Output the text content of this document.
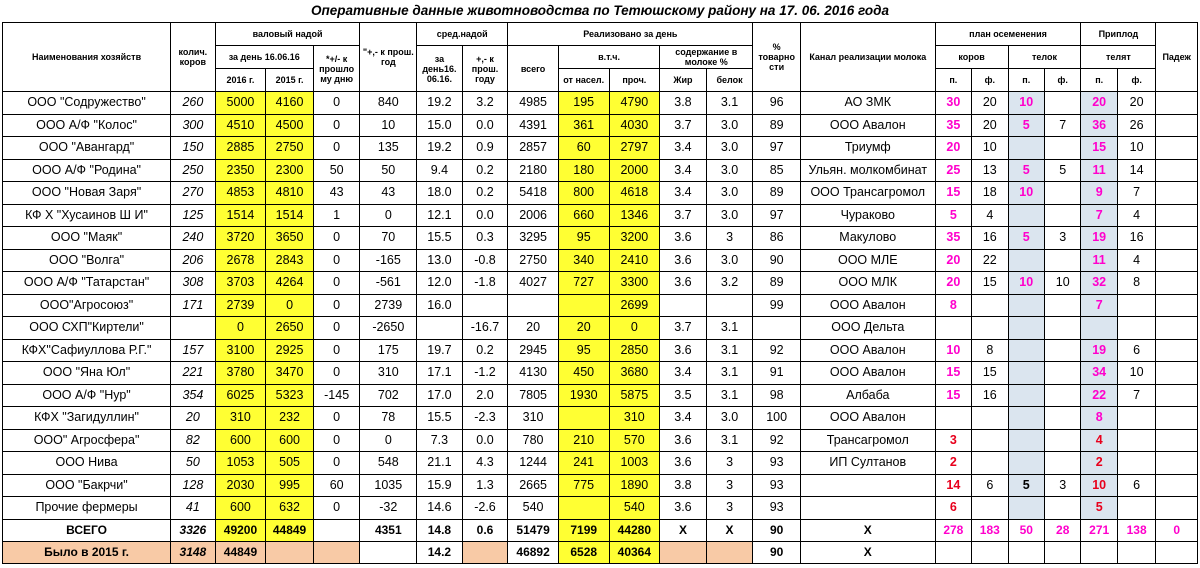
Оперативные данные животноводства по Тетюшскому району на 17. 06. 2016 года
Наименования хозяйств	колич. коров	валовый надой			"+,- к прош. год	сред.надой		Реализовано за день					% товарно сти	Канал реализации молока	план осеменения				Приплод		Падеж
		за день 16.06.16		*+/- к прошло му дню		за день16. 06.16.	+,- к прош. году	всего	в.т.ч.		содержание в молоке %				коров		телок		телят		
		2016 г.	2015 г.						от насел.	проч.	Жир	белок			п.	ф.	п.	ф.	п.	ф.	
ООО "Содружество"	260	5000	4160	0	840	19.2	3.2	4985	195	4790	3.8	3.1	96	АО ЗМК	30	20	10		20	20	
ООО А/Ф "Колос"	300	4510	4500	0	10	15.0	0.0	4391	361	4030	3.7	3.0	89	ООО Авалон	35	20	5	7	36	26	
ООО "Авангард"	150	2885	2750	0	135	19.2	0.9	2857	60	2797	3.4	3.0	97	Триумф	20	10			15	10	
ООО А/Ф "Родина"	250	2350	2300	50	50	9.4	0.2	2180	180	2000	3.4	3.0	85	Ульян. молкомбинат	25	13	5	5	11	14	
ООО "Новая Заря"	270	4853	4810	43	43	18.0	0.2	5418	800	4618	3.4	3.0	89	ООО Трансагромол	15	18	10		9	7	
КФ Х "Хусаинов Ш И"	125	1514	1514	1	0	12.1	0.0	2006	660	1346	3.7	3.0	97	Чураково	5	4			7	4	
ООО "Маяк"	240	3720	3650	0	70	15.5	0.3	3295	95	3200	3.6	3	86	Макулово	35	16	5	3	19	16	
ООО "Волга"	206	2678	2843	0	-165	13.0	-0.8	2750	340	2410	3.6	3.0	90	ООО МЛЕ	20	22			11	4	
ООО А/Ф "Татарстан"	308	3703	4264	0	-561	12.0	-1.8	4027	727	3300	3.6	3.2	89	ООО МЛК	20	15	10	10	32	8	
ООО"Агросоюз"	171	2739	0	0	2739	16.0				2699			99	ООО Авалон	8				7		
ООО СХП"Киртели"		0	2650	0	-2650		-16.7	20	20	0	3.7	3.1		ООО Дельта							
КФХ"Сафиуллова Р.Г."	157	3100	2925	0	175	19.7	0.2	2945	95	2850	3.6	3.1	92	ООО Авалон	10	8			19	6	
ООО "Яна Юл"	221	3780	3470	0	310	17.1	-1.2	4130	450	3680	3.4	3.1	91	ООО Авалон	15	15			34	10	
ООО А/Ф "Нур"	354	6025	5323	-145	702	17.0	2.0	7805	1930	5875	3.5	3.1	98	Албаба	15	16			22	7	
КФХ "Загидуллин"	20	310	232	0	78	15.5	-2.3	310		310	3.4	3.0	100	ООО Авалон					8		
ООО" Агросфера"	82	600	600	0	0	7.3	0.0	780	210	570	3.6	3.1	92	Трансагромол	3				4		
ООО Нива	50	1053	505	0	548	21.1	4.3	1244	241	1003	3.6	3	93	ИП Султанов	2				2		
ООО "Бакрчи"	128	2030	995	60	1035	15.9	1.3	2665	775	1890	3.8	3	93		14	6	5	3	10	6	
Прочие фермеры	41	600	632	0	-32	14.6	-2.6	540		540	3.6	3	93		6				5		
ВСЕГО	3326	49200	44849		4351	14.8	0.6	51479	7199	44280	Х	Х	90	Х	278	183	50	28	271	138	0
Было в 2015 г.	3148	44849				14.2		46892	6528	40364			90	Х							
